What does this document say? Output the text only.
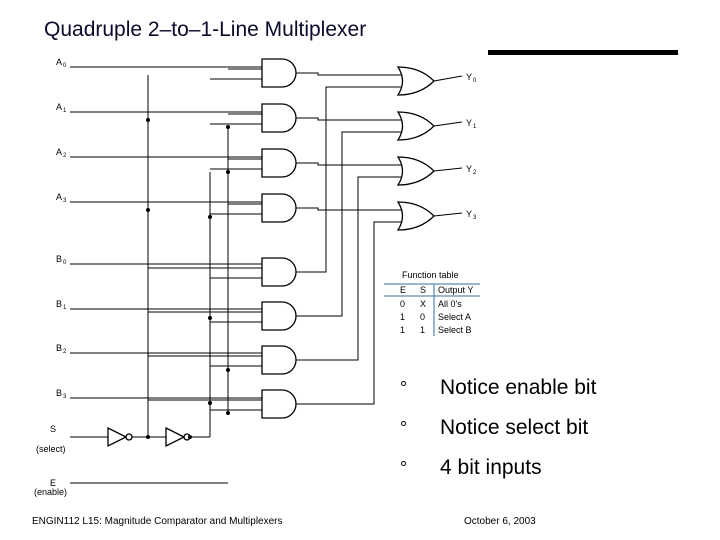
Quadruple 2–to–1-Line Multiplexer
$A_0$
$A_1$
$A_2$
$A_3$
$B_0$
$B_1$
$B_2$
$B_3$
$Y_0$
$Y_1$
$Y_2$
$Y_3$
S
(select)
E
(enable)
Function table
E S Output Y
0 X All 0's
1 0 Select A
1 1 Select B
° Notice enable bit
° Notice select bit
° 4 bit inputs
ENGIN112 L15: Magnitude Comparator and Multiplexers	October 6, 2003
